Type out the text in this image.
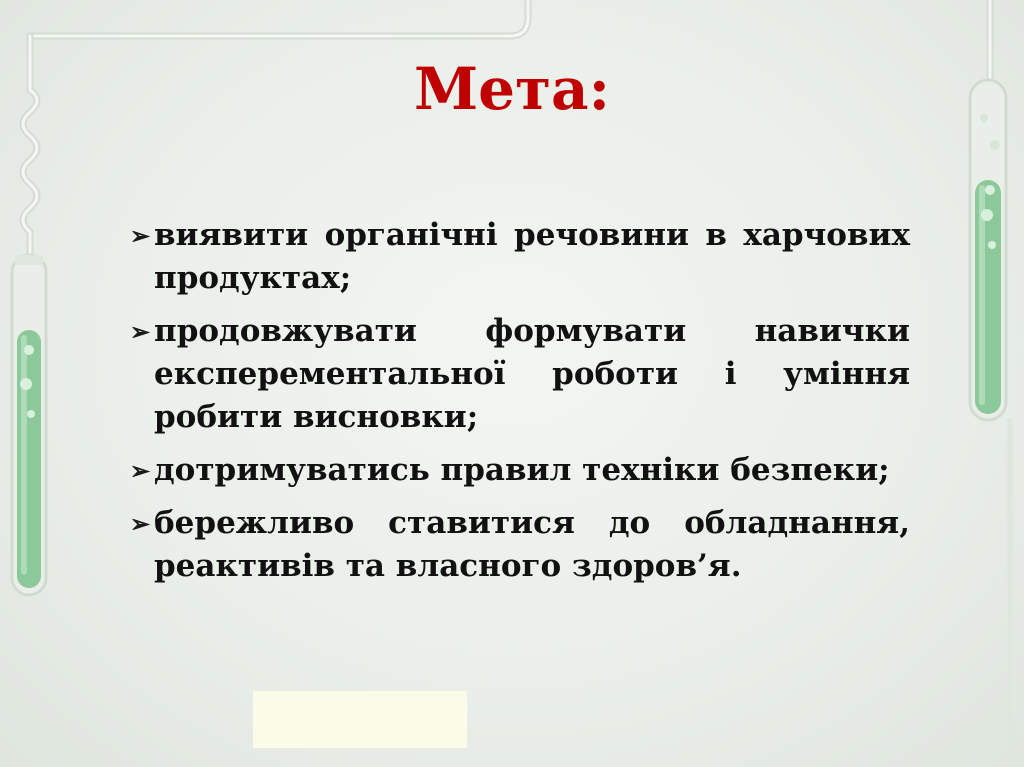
Мета:
➢ виявити органічні речовини в харчових продуктах;
➢ продовжувати формувати навички експерементальної роботи і уміння робити висновки;
➢ дотримуватись правил техніки безпеки;
➢ бережливо ставитися до обладнання, реактивів та власного здоров’я.
